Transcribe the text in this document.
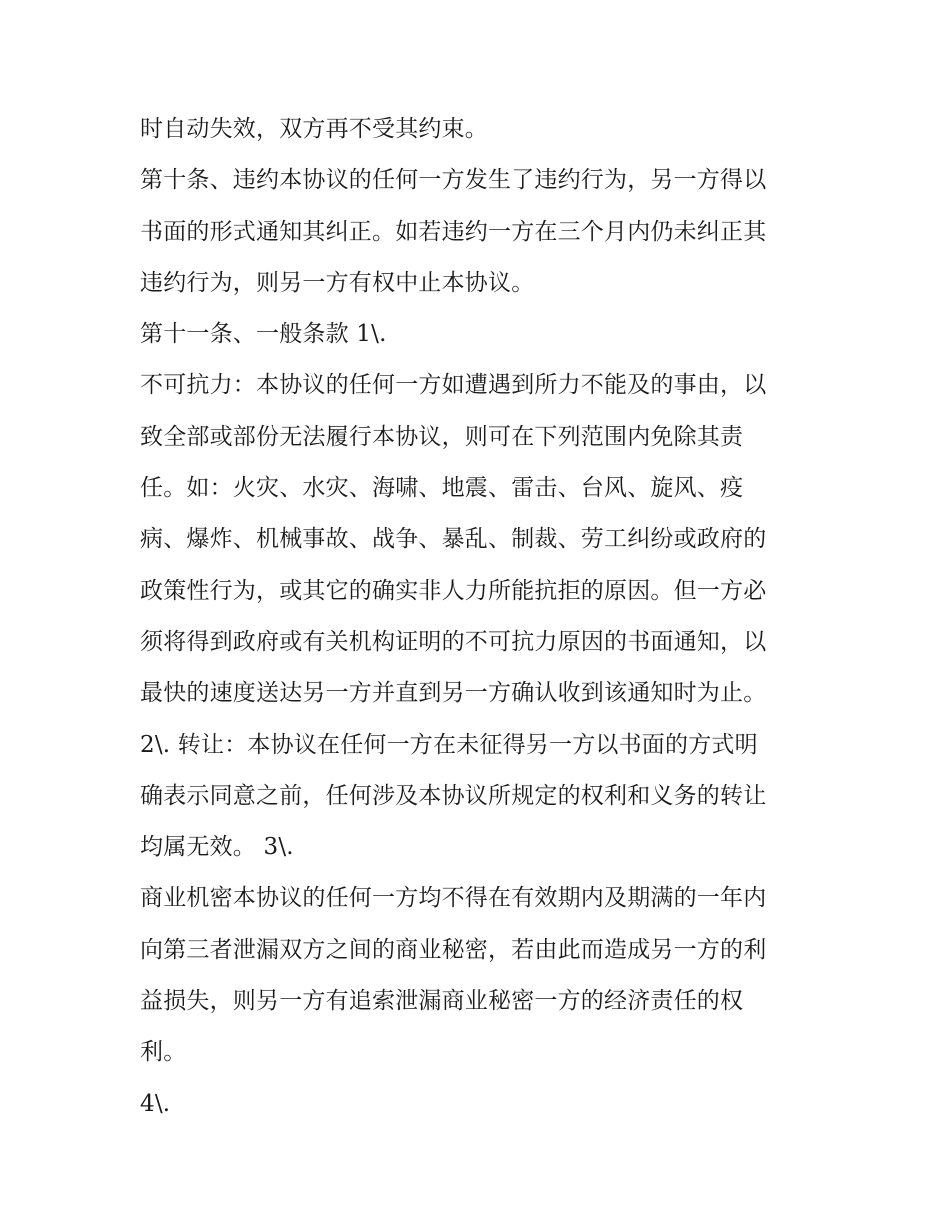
时自动失效，双方再不受其约束。
第十条、违约本协议的任何一方发生了违约行为，另一方得以
书面的形式通知其纠正。如若违约一方在三个月内仍未纠正其
违约行为，则另一方有权中止本协议。
第十一条、一般条款 1\.
不可抗力：本协议的任何一方如遭遇到所力不能及的事由，以
致全部或部份无法履行本协议，则可在下列范围内免除其责
任。如：火灾、水灾、海啸、地震、雷击、台风、旋风、疫
病、爆炸、机械事故、战争、暴乱、制裁、劳工纠纷或政府的
政策性行为，或其它的确实非人力所能抗拒的原因。但一方必
须将得到政府或有关机构证明的不可抗力原因的书面通知，以
最快的速度送达另一方并直到另一方确认收到该通知时为止。
2\. 转让：本协议在任何一方在未征得另一方以书面的方式明
确表示同意之前，任何涉及本协议所规定的权利和义务的转让
均属无效。 3\.
商业机密本协议的任何一方均不得在有效期内及期满的一年内
向第三者泄漏双方之间的商业秘密，若由此而造成另一方的利
益损失，则另一方有追索泄漏商业秘密一方的经济责任的权
利。
4\.
